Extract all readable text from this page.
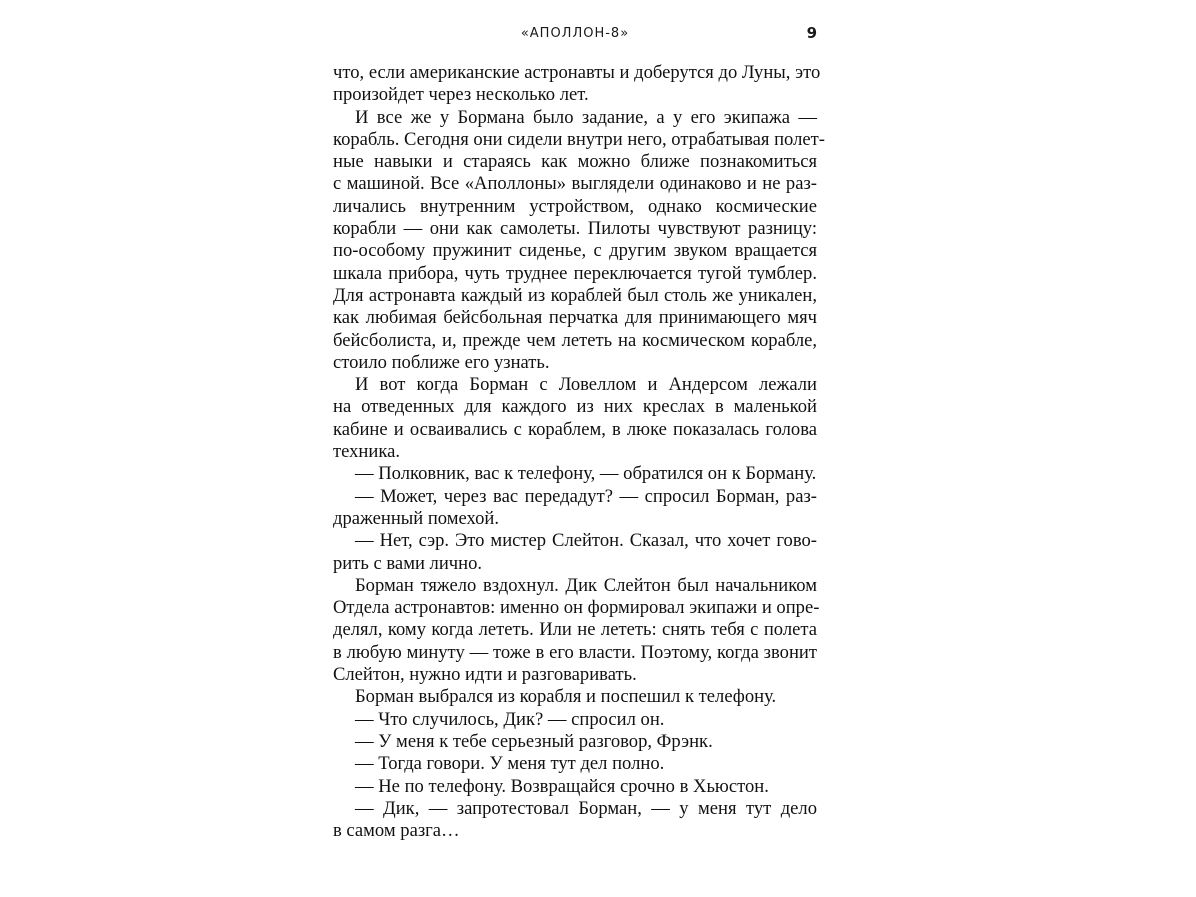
«АПОЛЛОН-8»	9
что, если американские астронавты и доберутся до Луны, это
произойдет через несколько лет.
И все же у Бормана было задание, а у его экипажа —
корабль. Сегодня они сидели внутри него, отрабатывая полет-
ные навыки и стараясь как можно ближе познакомиться
с машиной. Все «Аполлоны» выглядели одинаково и не раз-
личались внутренним устройством, однако космические
корабли — они как самолеты. Пилоты чувствуют разницу:
по-особому пружинит сиденье, с другим звуком вращается
шкала прибора, чуть труднее переключается тугой тумблер.
Для астронавта каждый из кораблей был столь же уникален,
как любимая бейсбольная перчатка для принимающего мяч
бейсболиста, и, прежде чем лететь на космическом корабле,
стоило поближе его узнать.
И вот когда Борман с Ловеллом и Андерсом лежали
на отведенных для каждого из них креслах в маленькой
кабине и осваивались с кораблем, в люке показалась голова
техника.
— Полковник, вас к телефону, — обратился он к Борману.
— Может, через вас передадут? — спросил Борман, раз-
драженный помехой.
— Нет, сэр. Это мистер Слейтон. Сказал, что хочет гово-
рить с вами лично.
Борман тяжело вздохнул. Дик Слейтон был начальником
Отдела астронавтов: именно он формировал экипажи и опре-
делял, кому когда лететь. Или не лететь: снять тебя с полета
в любую минуту — тоже в его власти. Поэтому, когда звонит
Слейтон, нужно идти и разговаривать.
Борман выбрался из корабля и поспешил к телефону.
— Что случилось, Дик? — спросил он.
— У меня к тебе серьезный разговор, Фрэнк.
— Тогда говори. У меня тут дел полно.
— Не по телефону. Возвращайся срочно в Хьюстон.
— Дик, — запротестовал Борман, — у меня тут дело
в самом разга…
